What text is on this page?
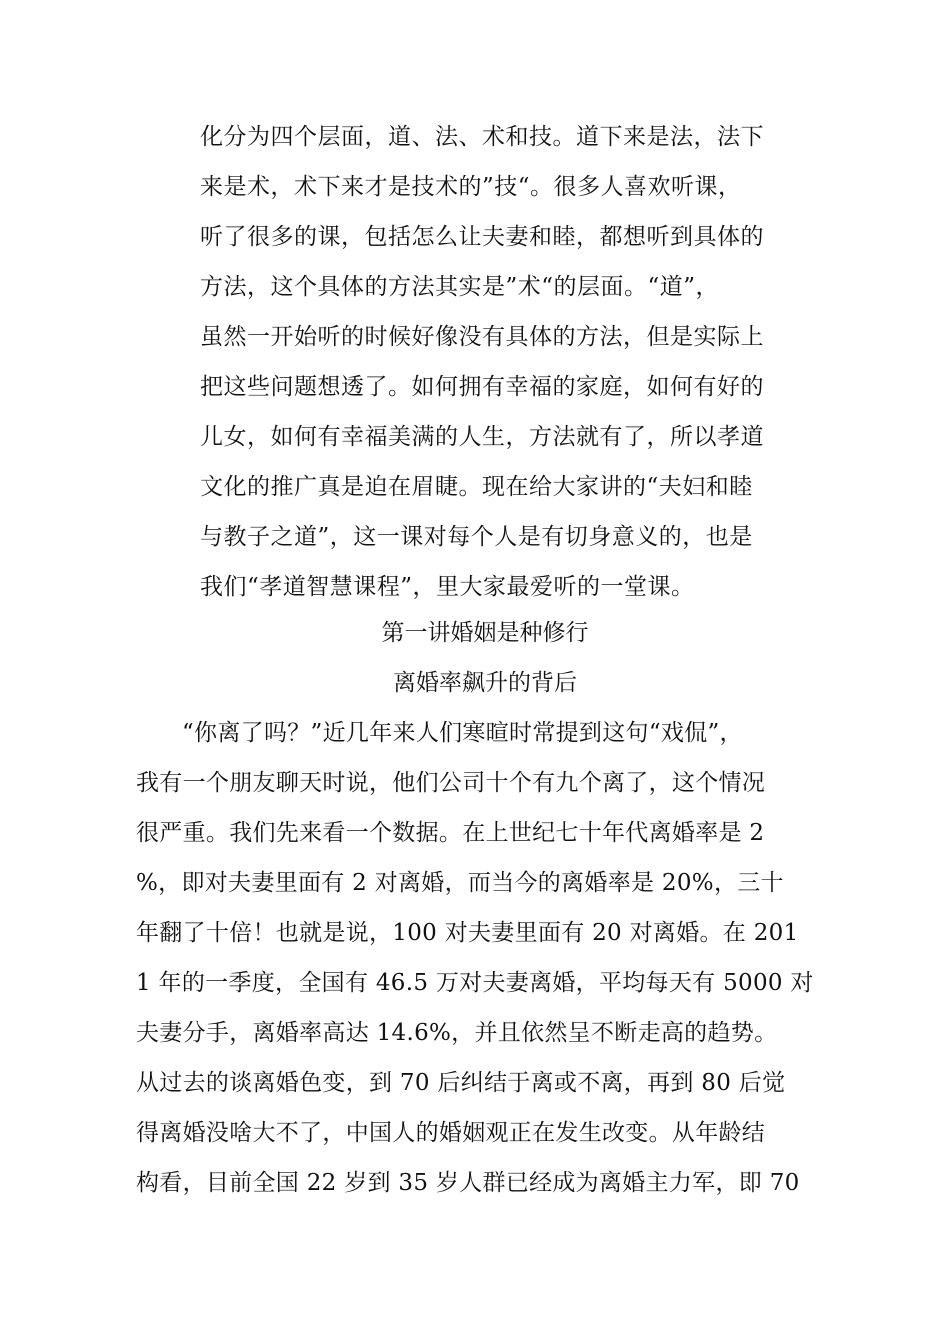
化分为四个层面，道、法、术和技。道下来是法，法下
来是术，术下来才是技术的”技“。很多人喜欢听课，
听了很多的课，包括怎么让夫妻和睦，都想听到具体的
方法，这个具体的方法其实是”术“的层面。“道”，
虽然一开始听的时候好像没有具体的方法，但是实际上
把这些问题想透了。如何拥有幸福的家庭，如何有好的
儿女，如何有幸福美满的人生，方法就有了，所以孝道
文化的推广真是迫在眉睫。现在给大家讲的“夫妇和睦
与教子之道”，这一课对每个人是有切身意义的，也是
我们“孝道智慧课程”，里大家最爱听的一堂课。
第一讲婚姻是种修行
离婚率飙升的背后
“你离了吗？”近几年来人们寒暄时常提到这句“戏侃”，
我有一个朋友聊天时说，他们公司十个有九个离了，这个情况
很严重。我们先来看一个数据。在上世纪七十年代离婚率是 2
%，即对夫妻里面有 2 对离婚，而当今的离婚率是 20%，三十
年翻了十倍！也就是说，100 对夫妻里面有 20 对离婚。在 201
1 年的一季度，全国有 46.5 万对夫妻离婚，平均每天有 5000 对
夫妻分手，离婚率高达 14.6%，并且依然呈不断走高的趋势。
从过去的谈离婚色变，到 70 后纠结于离或不离，再到 80 后觉
得离婚没啥大不了，中国人的婚姻观正在发生改变。从年龄结
构看，目前全国 22 岁到 35 岁人群已经成为离婚主力军，即 70
